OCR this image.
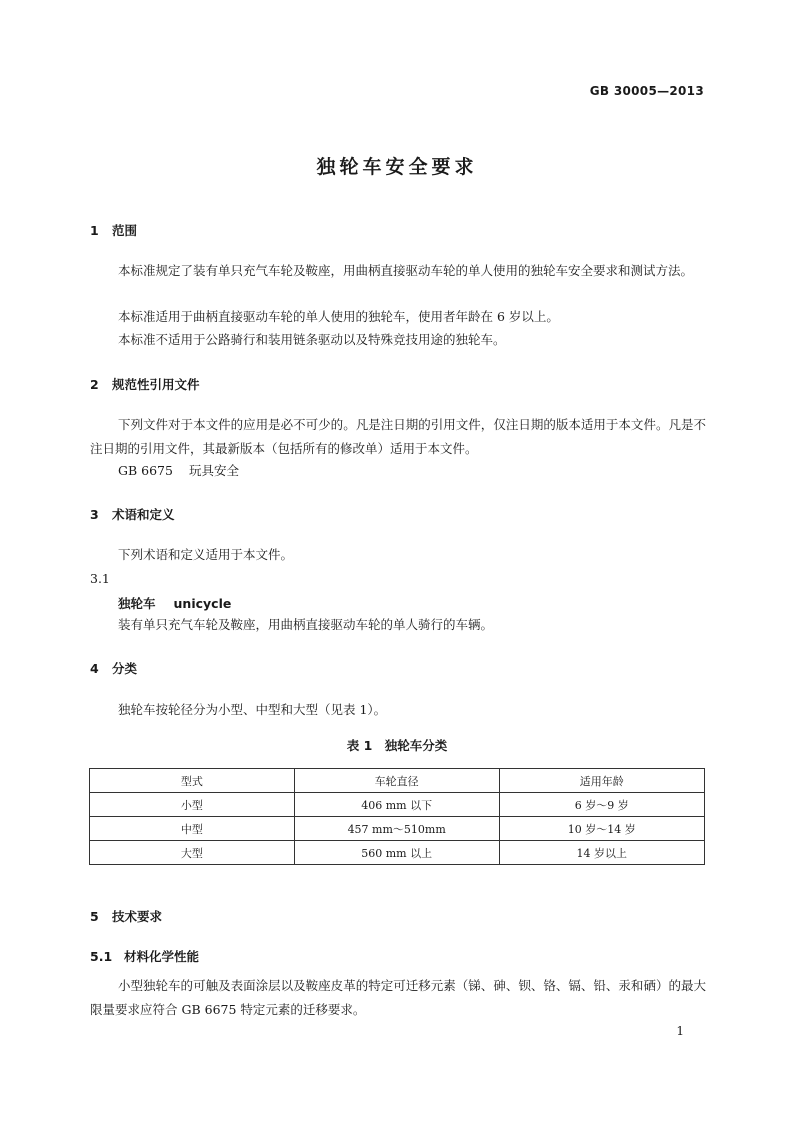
GB 30005—2013
独轮车安全要求
1 范围
本标准规定了装有单只充气车轮及鞍座，用曲柄直接驱动车轮的单人使用的独轮车安全要求和测试方法。
本标准适用于曲柄直接驱动车轮的单人使用的独轮车，使用者年龄在 6 岁以上。
本标准不适用于公路骑行和装用链条驱动以及特殊竞技用途的独轮车。
2 规范性引用文件
下列文件对于本文件的应用是必不可少的。凡是注日期的引用文件，仅注日期的版本适用于本文件。凡是不注日期的引用文件，其最新版本（包括所有的修改单）适用于本文件。
GB 6675 玩具安全
3 术语和定义
下列术语和定义适用于本文件。
3.1
独轮车 unicycle
装有单只充气车轮及鞍座，用曲柄直接驱动车轮的单人骑行的车辆。
4 分类
独轮车按轮径分为小型、中型和大型（见表 1）。
表 1　独轮车分类
型式	车轮直径	适用年龄
小型	406 mm 以下	6 岁～9 岁
中型	457 mm～510mm	10 岁～14 岁
大型	560 mm 以上	14 岁以上
5 技术要求
5.1 材料化学性能
小型独轮车的可触及表面涂层以及鞍座皮革的特定可迁移元素（锑、砷、钡、铬、镉、铅、汞和硒）的最大限量要求应符合 GB 6675 特定元素的迁移要求。
1
